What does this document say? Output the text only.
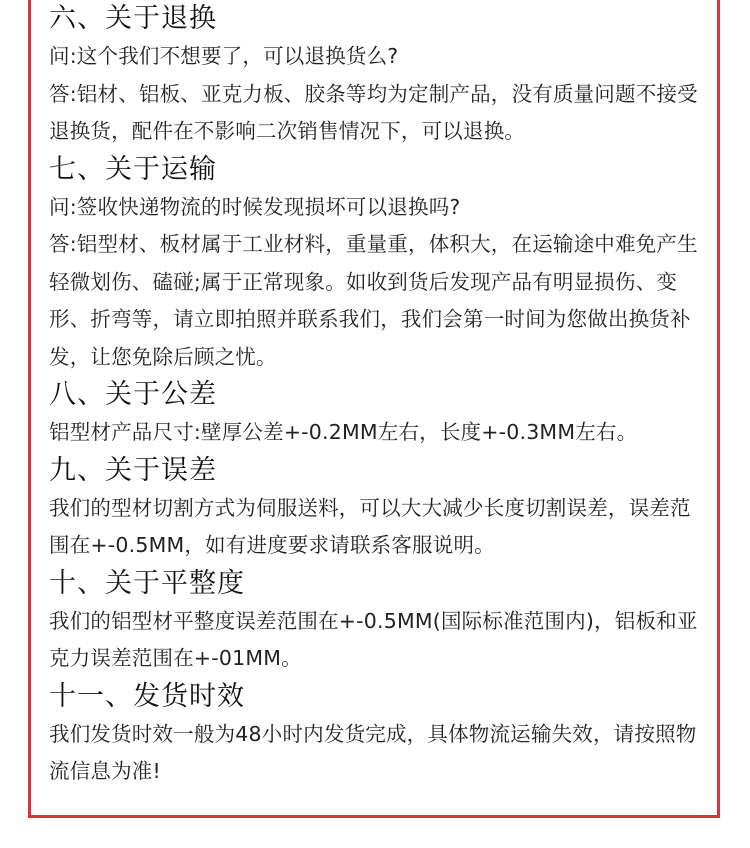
六、关于退换

问:这个我们不想要了，可以退换货么?

答:铝材、铝板、亚克力板、胶条等均为定制产品，没有质量问题不接受退换货，配件在不影响二次销售情况下，可以退换。

七、关于运输

问:签收快递物流的时候发现损坏可以退换吗?

答:铝型材、板材属于工业材料，重量重，体积大，在运输途中难免产生轻微划伤、磕碰;属于正常现象。如收到货后发现产品有明显损伤、变形、折弯等，请立即拍照并联系我们，我们会第一时间为您做出换货补发，让您免除后顾之忧。

八、关于公差

铝型材产品尺寸:壁厚公差+-0.2MM左右，长度+-0.3MM左右。

九、关于误差

我们的型材切割方式为伺服送料，可以大大减少长度切割误差，误差范围在+-0.5MM，如有进度要求请联系客服说明。

十、关于平整度

我们的铝型材平整度误差范围在+-0.5MM(国际标准范围内)，铝板和亚克力误差范围在+-01MM。

十一、发货时效

我们发货时效一般为48小时内发货完成，具体物流运输失效，请按照物流信息为准!
